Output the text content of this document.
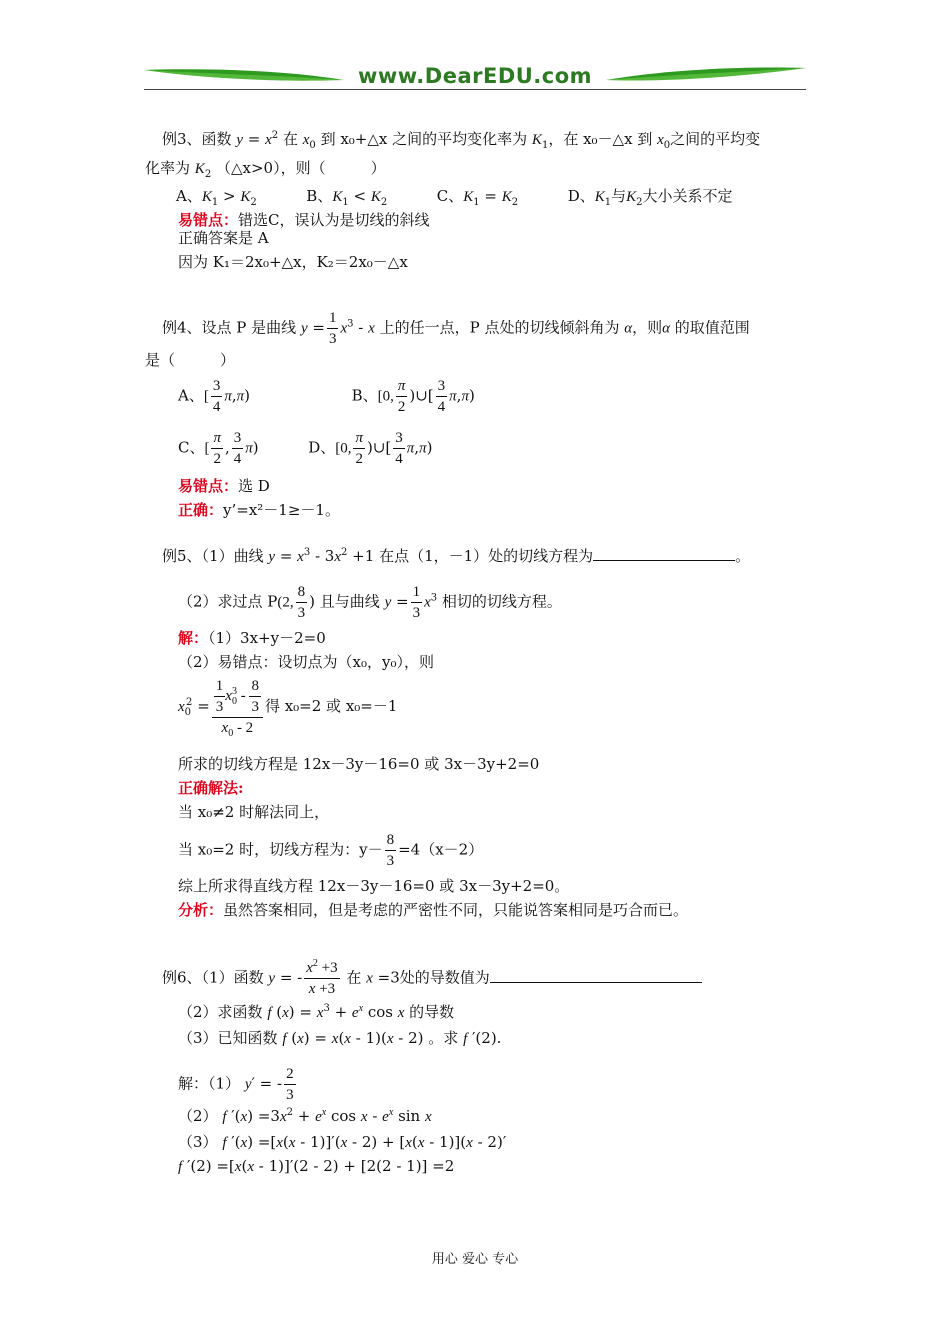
www.DearEDU.com
例3、函数 $y = x^2$ 在 $x_0$ 到 x₀+△x 之间的平均变化率为 $K_1$，在 x₀－△x 到 $x_0$之间的平均变
化率为 $K_2$ （△x>0），则（　　　）
A、$K_1 > K_2$	B、$K_1 < K_2$	C、$K_1 = K_2$	D、$K_1$与$K_2$大小关系不定
易错点：错选C，误认为是切线的斜线
正确答案是 A
因为 K₁＝2x₀+△x，K₂＝2x₀－△x
例4、设点 P 是曲线 $y = \frac{1}{3} x^3 - x$ 上的任一点，P 点处的切线倾斜角为 α，则α 的取值范围
是（　　　）
A、[ $\frac{3}{4} \pi,\pi$)	B、[0, $\frac{\pi}{2}$ )∪[ $\frac{3}{4} \pi,\pi$)
C、[ $\frac{\pi}{2}$ , $\frac{3}{4} \pi$)	D、[0, $\frac{\pi}{2}$ )∪[ $\frac{3}{4} \pi,\pi$)
易错点：选 D
正确：y’=x²－1≥－1。
例5、（1）曲线 $y = x^3 - 3x^2 +1$ 在点（1，－1）处的切线方程为	。
（2）求过点 P(2, $\frac{8}{3}$ ) 且与曲线 $y = \frac{1}{3} x^3$ 相切的切线方程。
解：（1）3x+y－2=0
（2）易错点：设切点为（x₀，y₀），则
$x_0^2 = \frac{\frac{1}{3} x_0^3 - \frac{8}{3}}{x_0 - 2}$ 得 x₀=2 或 x₀=－1
所求的切线方程是 12x－3y－16=0 或 3x－3y+2=0
正确解法:
当 x₀≠2 时解法同上，
当 x₀=2 时，切线方程为：$y- \frac{8}{3} =4(x-2)$
综上所求得直线方程 12x－3y－16=0 或 3x－3y+2=0。
分析：虽然答案相同，但是考虑的严密性不同，只能说答案相同是巧合而已。
例6、（1）函数 y = - $\frac{x^2 +3}{x +3}$ 在 x =3处的导数值为
（2）求函数 f $(x) = x^3 + e^x$ cos x 的导数
（3）已知函数 f (x) = x(x - 1)(x - 2) 。求 f ′(2).
解：（1） y′ = - $\frac{2}{3}$
（2） f $'(x) =3x^2 + e^x$ cos x - $e^x$ sin x
（3） f ′(x) =[x(x - 1)]′(x - 2) + [x(x - 1)](x - 2)′
f ′(2) =[x(x - 1)]′(2 - 2) + [2(2 - 1)] =2
用心 爱心 专心
